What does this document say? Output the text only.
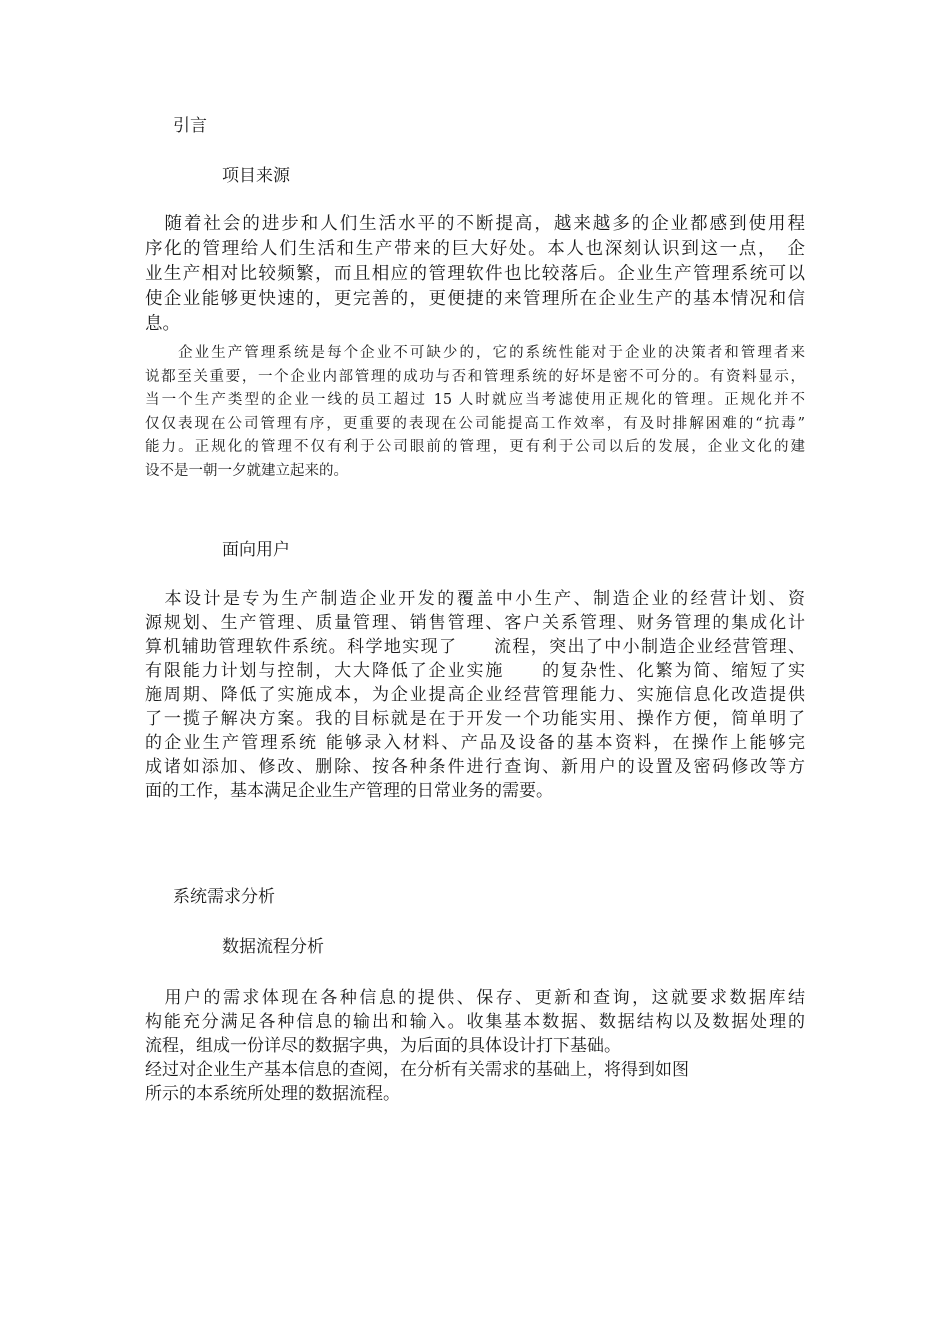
引言
项目来源
　随着社会的进步和人们生活水平的不断提高，越来越多的企业都感到使用程
序化的管理给人们生活和生产带来的巨大好处。本人也深刻认识到这一点，　企
业生产相对比较频繁，而且相应的管理软件也比较落后。企业生产管理系统可以
使企业能够更快速的，更完善的，更便捷的来管理所在企业生产的基本情况和信
息。
　　企业生产管理系统是每个企业不可缺少的，它的系统性能对于企业的决策者和管理者来
说都至关重要，一个企业内部管理的成功与否和管理系统的好坏是密不可分的。有资料显示，
当一个生产类型的企业一线的员工超过 15 人时就应当考滤使用正规化的管理。正规化并不
仅仅表现在公司管理有序，更重要的表现在公司能提高工作效率，有及时排解困难的“抗毒”
能力。正规化的管理不仅有利于公司眼前的管理，更有利于公司以后的发展，企业文化的建
设不是一朝一夕就建立起来的。
面向用户
　本设计是专为生产制造企业开发的覆盖中小生产、制造企业的经营计划、资
源规划、生产管理、质量管理、销售管理、客户关系管理、财务管理的集成化计
算机辅助管理软件系统。科学地实现了　　流程，突出了中小制造企业经营管理、
有限能力计划与控制，大大降低了企业实施　　的复杂性、化繁为简、缩短了实
施周期、降低了实施成本，为企业提高企业经营管理能力、实施信息化改造提供
了一揽子解决方案。我的目标就是在于开发一个功能实用、操作方便，简单明了
的企业生产管理系统 能够录入材料、产品及设备的基本资料，在操作上能够完
成诸如添加、修改、删除、按各种条件进行查询、新用户的设置及密码修改等方
面的工作，基本满足企业生产管理的日常业务的需要。
系统需求分析
数据流程分析
　用户的需求体现在各种信息的提供、保存、更新和查询，这就要求数据库结
构能充分满足各种信息的输出和输入。收集基本数据、数据结构以及数据处理的
流程，组成一份详尽的数据字典，为后面的具体设计打下基础。
经过对企业生产基本信息的查阅，在分析有关需求的基础上，将得到如图
所示的本系统所处理的数据流程。
